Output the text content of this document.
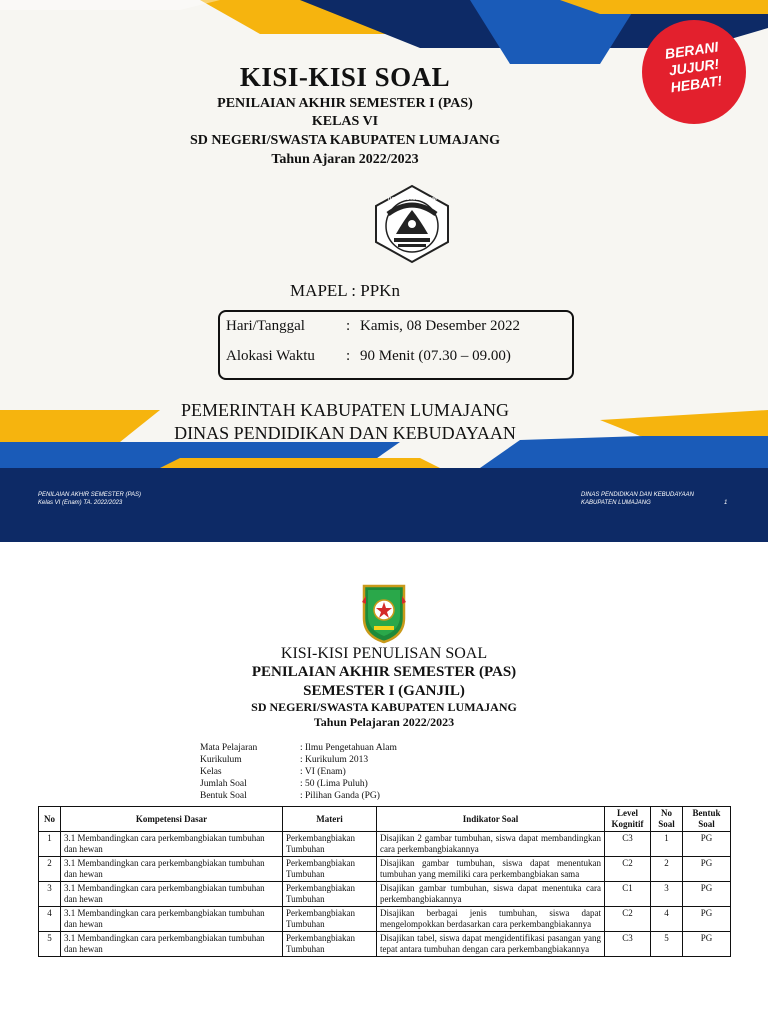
KISI-KISI SOAL
PENILAIAN AKHIR SEMESTER I (PAS)
KELAS VI
SD NEGERI/SWASTA KABUPATEN LUMAJANG
Tahun Ajaran 2022/2023
TUT WURI HANDAYANI
MAPEL : PPKn
Hari/Tanggal	: Kamis, 08 Desember 2022
Alokasi Waktu : 90 Menit (07.30 – 09.00)
PEMERINTAH KABUPATEN LUMAJANG
DINAS PENDIDIKAN DAN KEBUDAYAAN
PENILAIAN AKHIR SEMESTER (PAS)
Kelas VI (Enam) TA. 2022/2023
DINAS PENDIDIKAN DAN KEBUDAYAAN
KABUPATEN LUMAJANG	1
BERANI
JUJUR!
HEBAT!
KISI-KISI PENULISAN SOAL
PENILAIAN AKHIR SEMESTER (PAS)
SEMESTER I (GANJIL)
SD NEGERI/SWASTA KABUPATEN LUMAJANG
Tahun Pelajaran 2022/2023
Mata Pelajaran	: Ilmu Pengetahuan Alam
Kurikulum	: Kurikulum 2013
Kelas	: VI (Enam)
Jumlah Soal	: 50 (Lima Puluh)
Bentuk Soal	: Pilihan Ganda (PG)
No	Kompetensi Dasar	Materi	Indikator Soal	Level Kognitif	No Soal	Bentuk Soal
1	3.1 Membandingkan cara perkembangbiakan tumbuhan dan hewan	Perkembangbiakan Tumbuhan	Disajikan 2 gambar tumbuhan, siswa dapat membandingkan cara perkembangbiakannya	C3	1	PG
2	3.1 Membandingkan cara perkembangbiakan tumbuhan dan hewan	Perkembangbiakan Tumbuhan	Disajikan gambar tumbuhan, siswa dapat menentukan tumbuhan yang memiliki cara perkembangbiakan sama	C2	2	PG
3	3.1 Membandingkan cara perkembangbiakan tumbuhan dan hewan	Perkembangbiakan Tumbuhan	Disajikan gambar tumbuhan, siswa dapat menentuka cara perkembangbiakannya	C1	3	PG
4	3.1 Membandingkan cara perkembangbiakan tumbuhan dan hewan	Perkembangbiakan Tumbuhan	Disajikan berbagai jenis tumbuhan, siswa dapat mengelompokkan berdasarkan cara perkembangbiakannya	C2	4	PG
5	3.1 Membandingkan cara perkembangbiakan tumbuhan dan hewan	Perkembangbiakan Tumbuhan	Disajikan tabel, siswa dapat mengidentifikasi pasangan yang tepat antara tumbuhan dengan cara perkembangbiakannya	C3	5	PG
